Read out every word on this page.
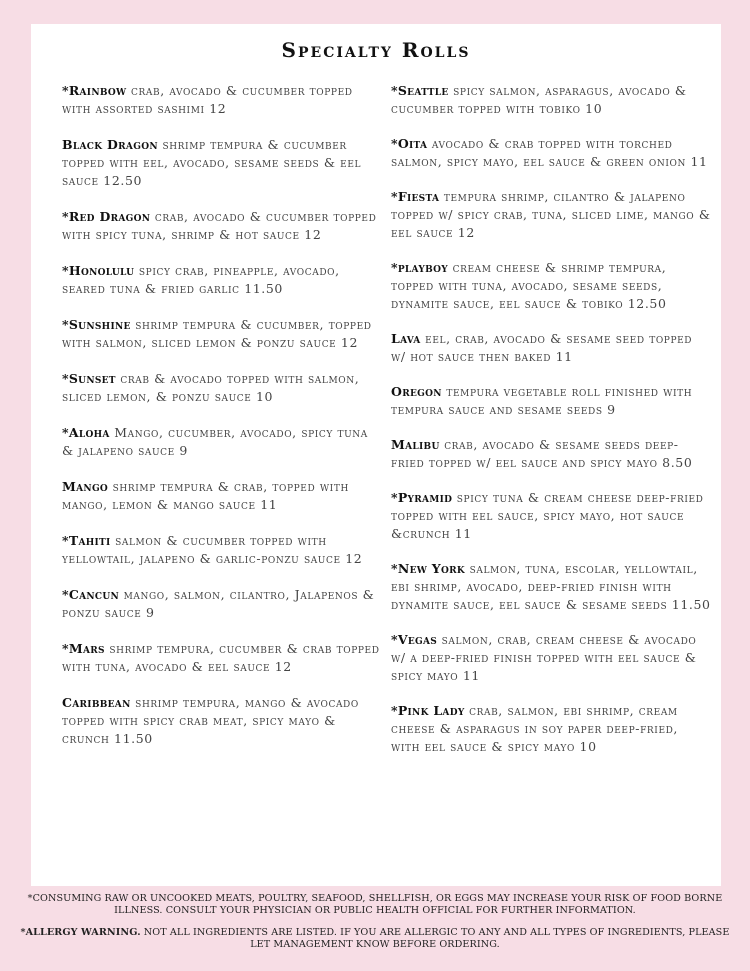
Specialty Rolls

*Rainbow crab, avocado & cucumber topped with assorted sashimi 12

Black Dragon shrimp tempura & cucumber topped with eel, avocado, sesame seeds & eel sauce 12.50

*Red Dragon crab, avocado & cucumber topped with spicy tuna, shrimp & hot sauce 12

*Honolulu spicy crab, pineapple, avocado, seared tuna & fried garlic 11.50

*Sunshine shrimp tempura & cucumber, topped with salmon, sliced lemon & ponzu sauce 12

*Sunset crab & avocado topped with salmon, sliced lemon, & ponzu sauce 10

*Aloha Mango, cucumber, avocado, spicy tuna & jalapeno sauce 9

Mango shrimp tempura & crab, topped with mango, lemon & mango sauce 11

*Tahiti salmon & cucumber topped with yellowtail, jalapeno & garlic-ponzu sauce 12

*Cancun mango, salmon, cilantro, Jalapenos & ponzu sauce 9

*Mars shrimp tempura, cucumber & crab topped with tuna, avocado & eel sauce 12

Caribbean shrimp tempura, mango & avocado topped with spicy crab meat, spicy mayo & crunch 11.50

*Seattle spicy salmon, asparagus, avocado & cucumber topped with tobiko 10

*Oita avocado & crab topped with torched salmon, spicy mayo, eel sauce & green onion 11

*Fiesta tempura shrimp, cilantro & jalapeno topped w/ spicy crab, tuna, sliced lime, mango & eel sauce 12

*playboy cream cheese & shrimp tempura, topped with tuna, avocado, sesame seeds, dynamite sauce, eel sauce & tobiko 12.50

Lava eel, crab, avocado & sesame seed topped w/ hot sauce then baked 11

Oregon tempura vegetable roll finished with tempura sauce and sesame seeds 9

Malibu crab, avocado & sesame seeds deep-fried topped w/ eel sauce and spicy mayo 8.50

*Pyramid spicy tuna & cream cheese deep-fried topped with eel sauce, spicy mayo, hot sauce &crunch 11

*New York salmon, tuna, escolar, yellowtail, ebi shrimp, avocado, deep-fried finish with dynamite sauce, eel sauce & sesame seeds 11.50

*Vegas salmon, crab, cream cheese & avocado w/ a deep-fried finish topped with eel sauce & spicy mayo 11

*Pink Lady crab, salmon, ebi shrimp, cream cheese & asparagus in soy paper deep-fried, with eel sauce & spicy mayo 10

*CONSUMING RAW OR UNCOOKED MEATS, POULTRY, SEAFOOD, SHELLFISH, OR EGGS MAY INCREASE YOUR RISK OF FOOD BORNE ILLNESS. CONSULT YOUR PHYSICIAN OR PUBLIC HEALTH OFFICIAL FOR FURTHER INFORMATION.
*ALLERGY WARNING. NOT ALL INGREDIENTS ARE LISTED. IF YOU ARE ALLERGIC TO ANY AND ALL TYPES OF INGREDIENTS, PLEASE LET MANAGEMENT KNOW BEFORE ORDERING.
